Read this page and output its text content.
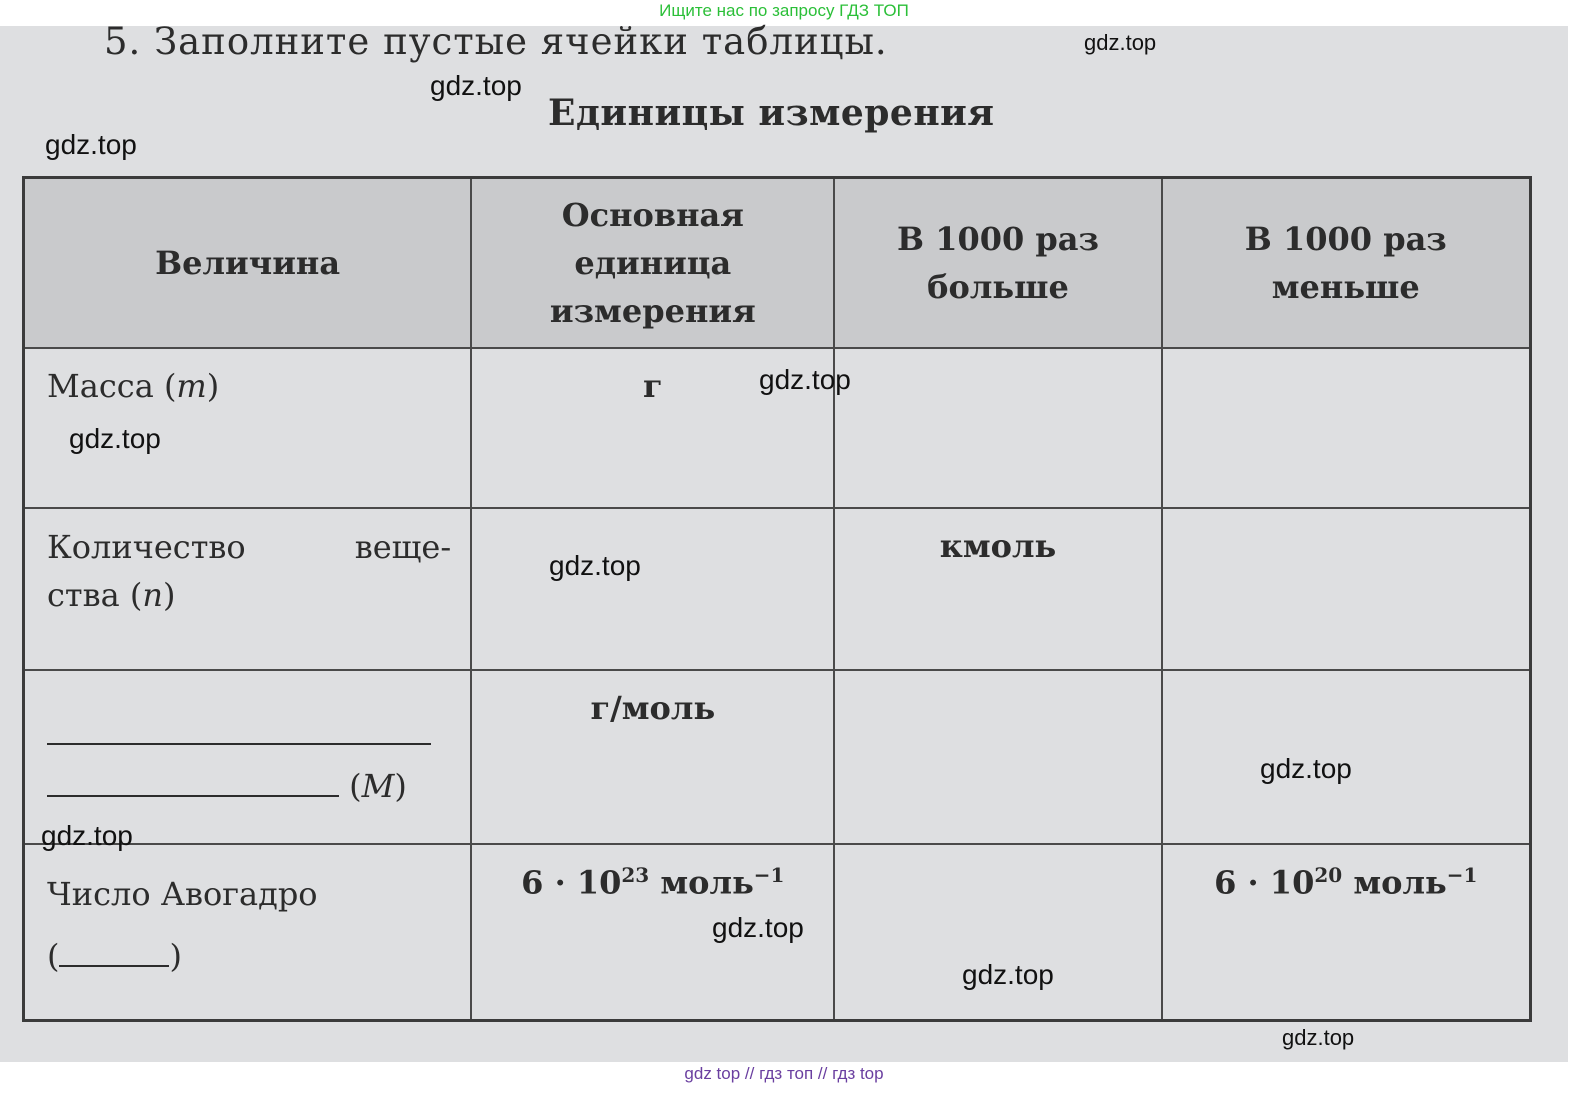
Ищите нас по запросу ГДЗ ТОП
5. Заполните пустые ячейки таблицы.
Единицы измерения
Величина	Основная единица измерения	В 1000 раз больше	В 1000 раз меньше
Масса (m)	г		

Количество веще-
ства (n)		кмоль	

(M)	г/моль		

Число Авогадро
( )	$6 \cdot 10^{23}$ моль$^{-1}$		$6 \cdot 10^{20}$ моль$^{-1}$
gdz.top
gdz.top
gdz.top
gdz.top
gdz.top
gdz.top
gdz.top
gdz.top
gdz.top
gdz.top
gdz.top
gdz top // гдз топ // гдз top
